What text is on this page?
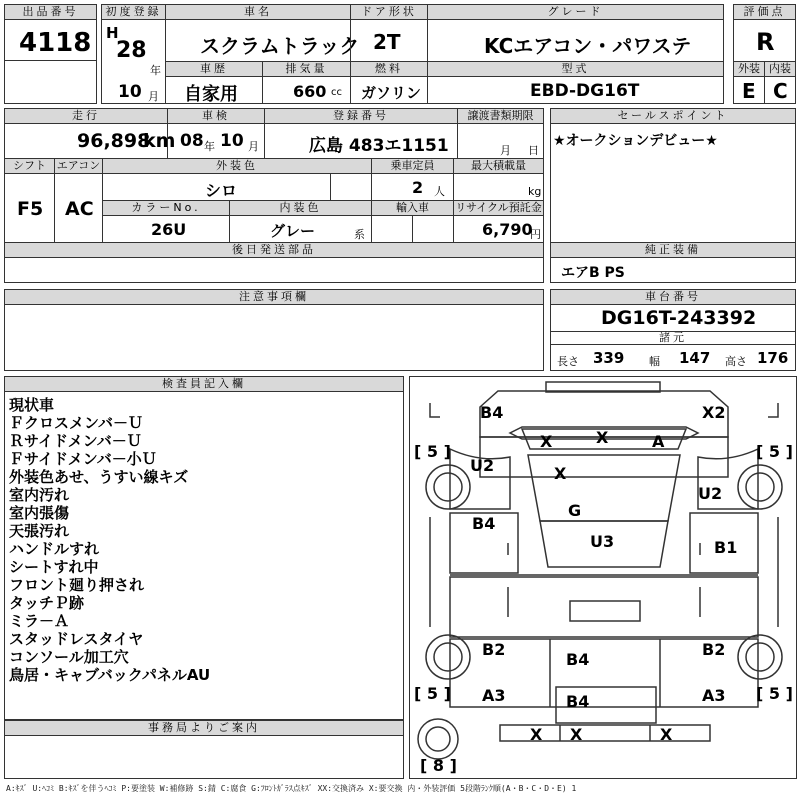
出品番号
4118
初度登録
H
28
年
10 月
車名
スクラムトラック
ドア形状
2T
グレード
KCエアコン・パワステ
評価点
R
車歴
自家用
排気量
660 cc
燃料
ガソリン
型式
EBD-DG16T
外装
E
内装
C
走行
96,898
km
車検
08 年 10 月
登録番号
広島 483エ1151
譲渡書類期限
月 日
セールスポイント
★オークションデビュー★
シフト
F5
エアコン
AC
外装色
シロ
乗車定員
2 人
最大積載量
kg
カラーNo.
26U
内装色
グレー	系
輸入車	リサイクル預託金
6,790
円
後日発送部品	純正装備
エアB PS
注意事項欄	車台番号
DG16T-243392
諸元
長さ 339 幅 147 高さ 176
検査員記入欄
現状車
Ｆクロスメンバ－Ｕ
Ｒサイドメンバ－Ｕ
Ｆサイドメンバ－小Ｕ
外装色あせ、うすい線キズ
室内汚れ
室内張傷
天張汚れ
ハンドルすれ
シートすれ中
フロント廻り押され
タッチＰ跡
ミラ－Ａ
スタッドレスタイヤ
コンソール加工穴
鳥居・キャブバックパネルAU
事務局よりご案内
B4	X2
X	X	A
X
G
U3
U2
U2
B4
B1
B2	B2
B4
A3	A3
B4
X X	X
[ 5 ]	[ 5 ]
[ 5 ]	[ 5 ]
[ 8 ]
A:ｷｽﾞ U:ﾍｺﾐ B:ｷｽﾞを伴うﾍｺﾐ P:要塗装 W:補修跡 S:錆 C:腐食 G:ﾌﾛﾝﾄｶﾞﾗｽ点ｷｽﾞ XX:交換済み X:要交換 内・外装評価 5段階ﾗﾝｸ順(A・B・C・D・E) 1
